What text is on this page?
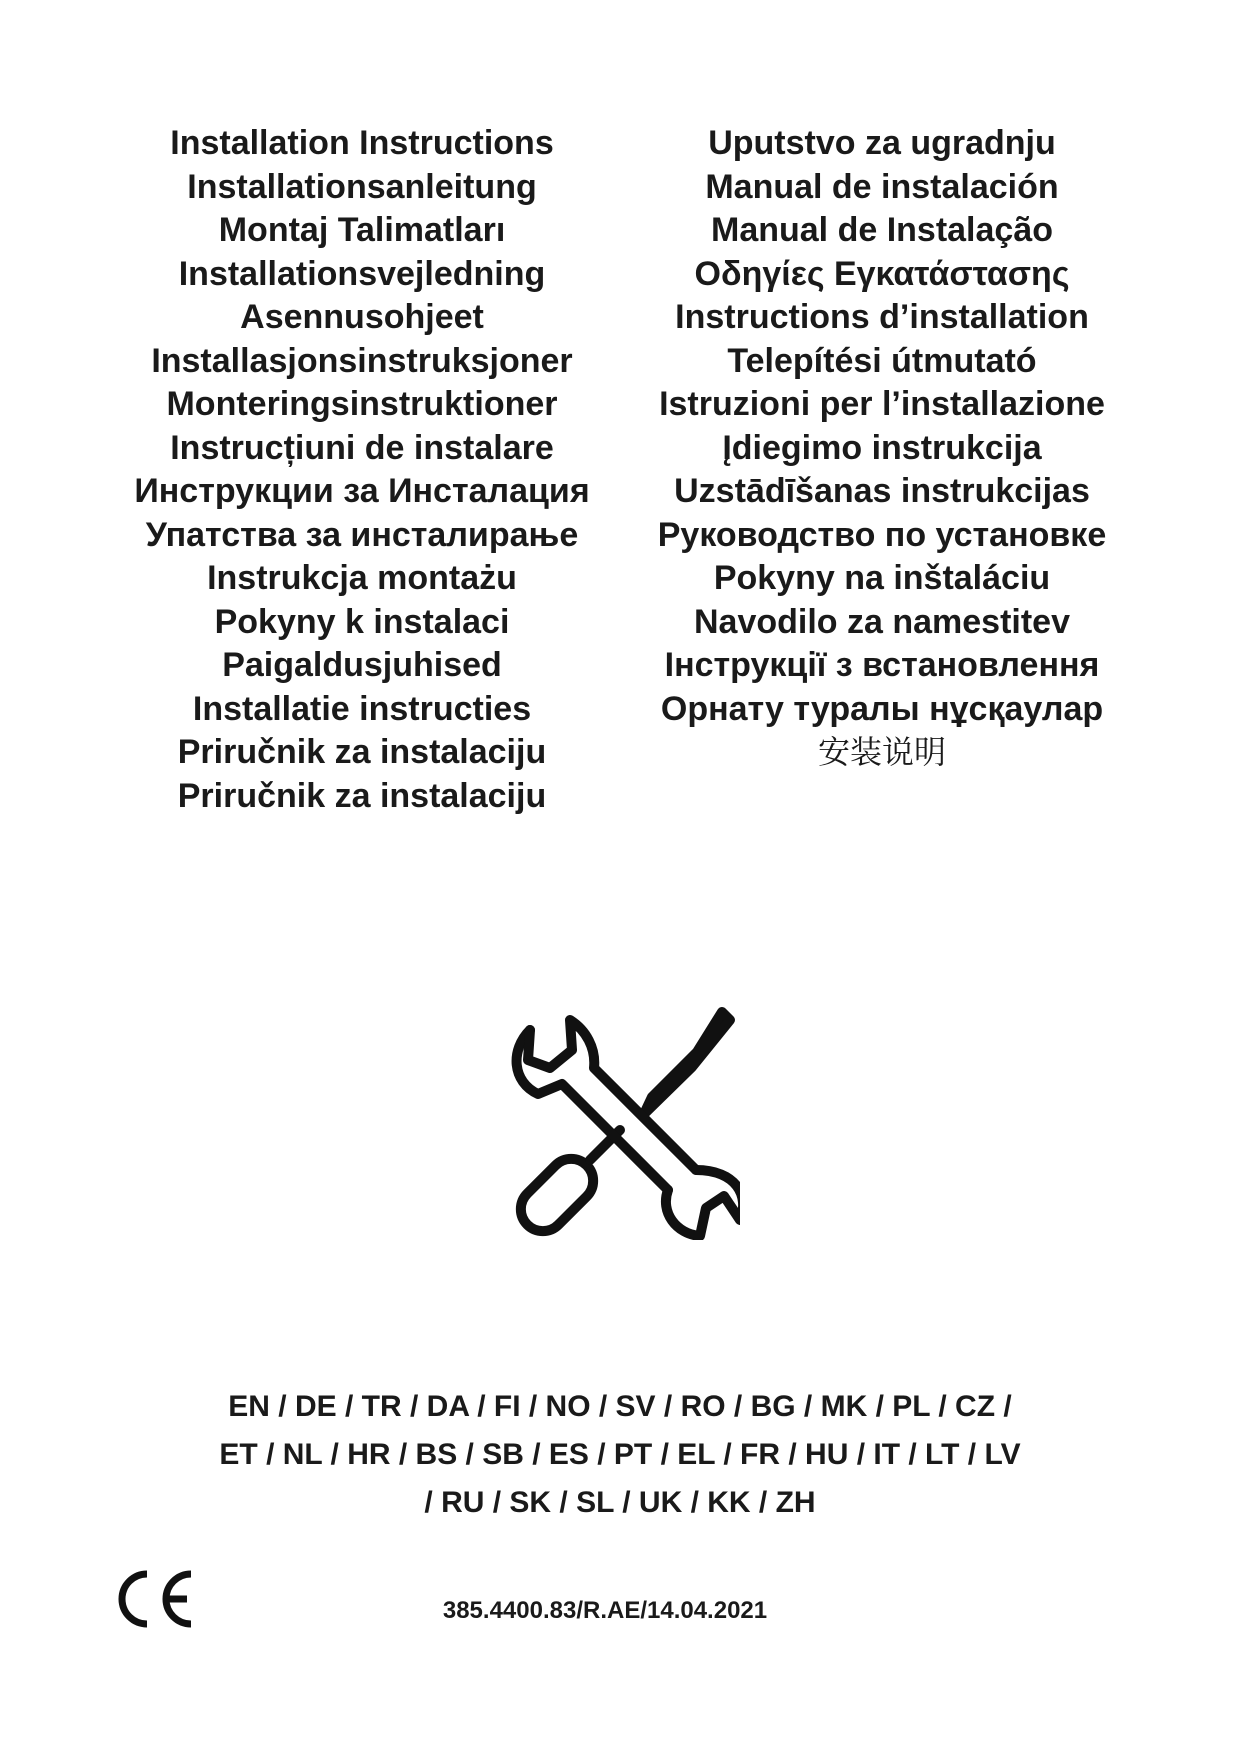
Installation Instructions
Installationsanleitung
Montaj Talimatları
Installationsvejledning
Asennusohjeet
Installasjonsinstruksjoner
Monteringsinstruktioner
Instrucțiuni de instalare
Инструкции за Инсталация
Упатства за инсталирање
Instrukcja montażu
Pokyny k instalaci
Paigaldusjuhised
Installatie instructies
Priručnik za instalaciju
Priručnik za instalaciju
Uputstvo za ugradnju
Manual de instalación
Manual de Instalação
Οδηγίες Εγκατάστασης
Instructions d’installation
Telepítési útmutató
Istruzioni per l’installazione
Įdiegimo instrukcija
Uzstādīšanas instrukcijas
Руководство по установке
Pokyny na inštaláciu
Navodilo za namestitev
Інструкції з встановлення
Орнату туралы нұсқаулар
安装说明
EN / DE / TR / DA / FI / NO / SV / RO / BG / MK / PL / CZ /
ET / NL / HR / BS / SB / ES / PT / EL / FR / HU / IT / LT / LV
/ RU / SK / SL / UK / KK / ZH
385.4400.83/R.AE/14.04.2021
